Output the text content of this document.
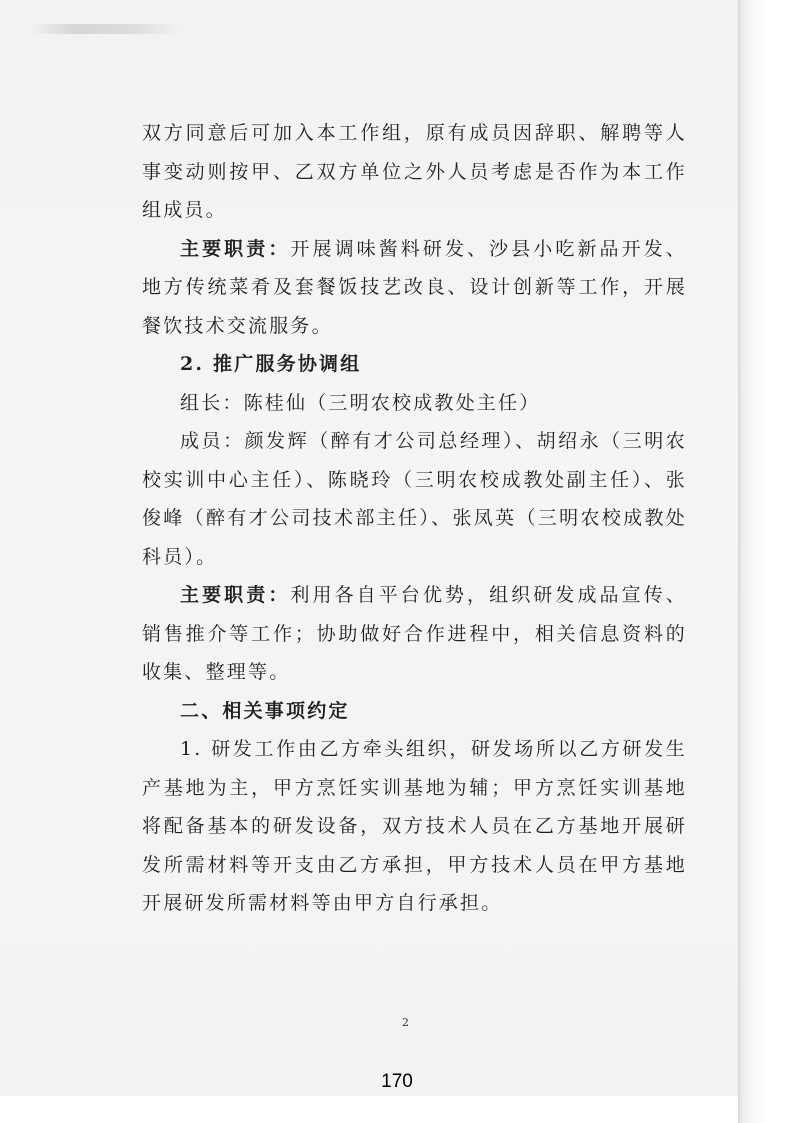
双方同意后可加入本工作组，原有成员因辞职、解聘等人事变动则按甲、乙双方单位之外人员考虑是否作为本工作组成员。

主要职责：开展调味酱料研发、沙县小吃新品开发、地方传统菜肴及套餐饭技艺改良、设计创新等工作，开展餐饮技术交流服务。

2. 推广服务协调组

组长：陈桂仙（三明农校成教处主任）

成员：颜发辉（醉有才公司总经理）、胡绍永（三明农校实训中心主任）、陈晓玲（三明农校成教处副主任）、张俊峰（醉有才公司技术部主任）、张凤英（三明农校成教处科员）。

主要职责：利用各自平台优势，组织研发成品宣传、销售推介等工作；协助做好合作进程中，相关信息资料的收集、整理等。

二、相关事项约定

1. 研发工作由乙方牵头组织，研发场所以乙方研发生产基地为主，甲方烹饪实训基地为辅；甲方烹饪实训基地将配备基本的研发设备，双方技术人员在乙方基地开展研发所需材料等开支由乙方承担，甲方技术人员在甲方基地开展研发所需材料等由甲方自行承担。

2
170
